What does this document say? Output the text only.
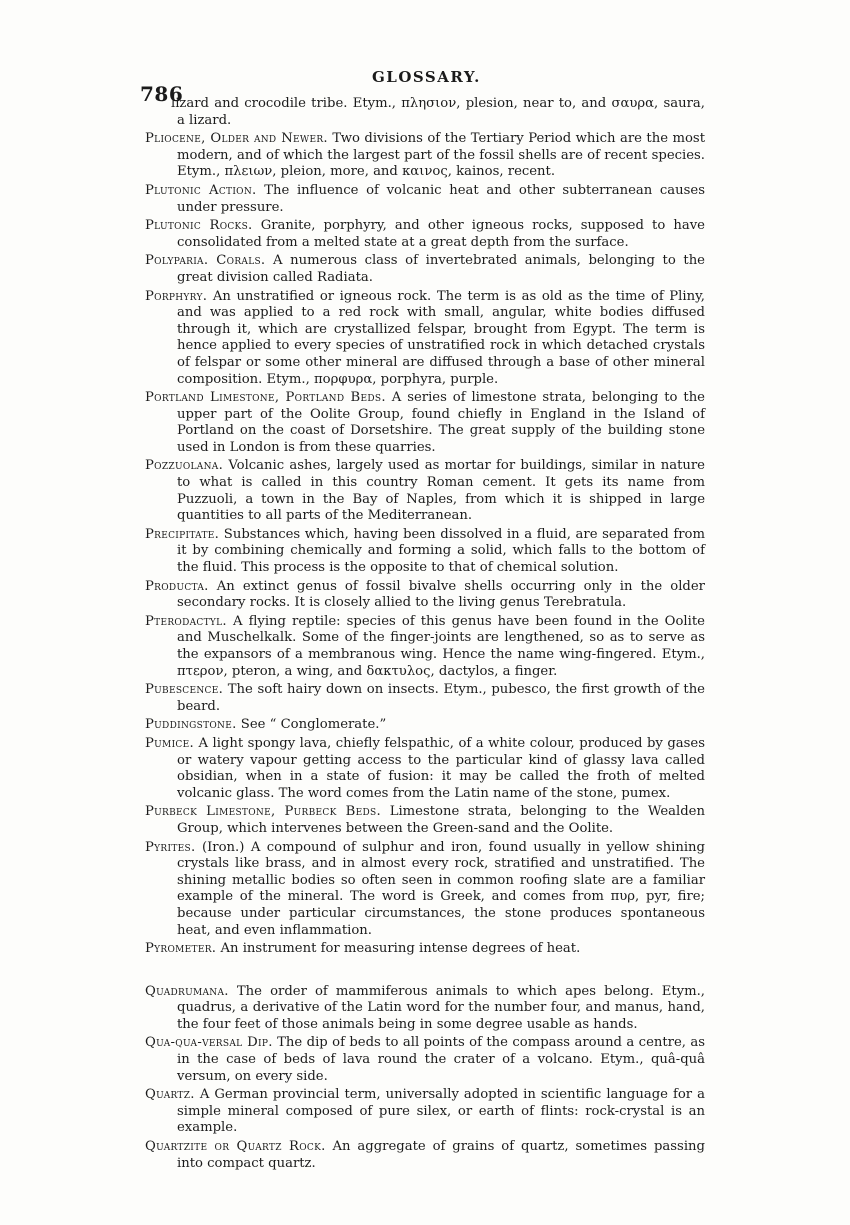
786
GLOSSARY.

lizard and crocodile tribe. Etym., πλησιον, plesion, near to, and σαυρα, saura, a lizard.

Pliocene, Older and Newer. Two divisions of the Tertiary Period which are the most modern, and of which the largest part of the fossil shells are of recent species. Etym., πλειων, pleion, more, and καινος, kainos, recent.

Plutonic Action. The influence of volcanic heat and other subterranean causes under pressure.

Plutonic Rocks. Granite, porphyry, and other igneous rocks, supposed to have consolidated from a melted state at a great depth from the surface.

Polyparia. Corals. A numerous class of invertebrated animals, belonging to the great division called Radiata.

Porphyry. An unstratified or igneous rock. The term is as old as the time of Pliny, and was applied to a red rock with small, angular, white bodies diffused through it, which are crystallized felspar, brought from Egypt. The term is hence applied to every species of unstratified rock in which detached crystals of felspar or some other mineral are diffused through a base of other mineral composition. Etym., πορφυρα, porphyra, purple.

Portland Limestone, Portland Beds. A series of limestone strata, belonging to the upper part of the Oolite Group, found chiefly in England in the Island of Portland on the coast of Dorsetshire. The great supply of the building stone used in London is from these quarries.

Pozzuolana. Volcanic ashes, largely used as mortar for buildings, similar in nature to what is called in this country Roman cement. It gets its name from Puzzuoli, a town in the Bay of Naples, from which it is shipped in large quantities to all parts of the Mediterranean.

Precipitate. Substances which, having been dissolved in a fluid, are separated from it by combining chemically and forming a solid, which falls to the bottom of the fluid. This process is the opposite to that of chemical solution.

Producta. An extinct genus of fossil bivalve shells occurring only in the older secondary rocks. It is closely allied to the living genus Terebratula.

Pterodactyl. A flying reptile: species of this genus have been found in the Oolite and Muschelkalk. Some of the finger-joints are lengthened, so as to serve as the expansors of a membranous wing. Hence the name wing-fingered. Etym., πτερον, pteron, a wing, and δακτυλος, dactylos, a finger.

Pubescence. The soft hairy down on insects. Etym., pubesco, the first growth of the beard.

Puddingstone. See “ Conglomerate.”

Pumice. A light spongy lava, chiefly felspathic, of a white colour, produced by gases or watery vapour getting access to the particular kind of glassy lava called obsidian, when in a state of fusion: it may be called the froth of melted volcanic glass. The word comes from the Latin name of the stone, pumex.

Purbeck Limestone, Purbeck Beds. Limestone strata, belonging to the Wealden Group, which intervenes between the Green-sand and the Oolite.

Pyrites. (Iron.) A compound of sulphur and iron, found usually in yellow shining crystals like brass, and in almost every rock, stratified and unstratified. The shining metallic bodies so often seen in common roofing slate are a familiar example of the mineral. The word is Greek, and comes from πυρ, pyr, fire; because under particular circumstances, the stone produces spontaneous heat, and even inflammation.

Pyrometer. An instrument for measuring intense degrees of heat.

Quadrumana. The order of mammiferous animals to which apes belong. Etym., quadrus, a derivative of the Latin word for the number four, and manus, hand, the four feet of those animals being in some degree usable as hands.

Qua-qua-versal Dip. The dip of beds to all points of the compass around a centre, as in the case of beds of lava round the crater of a volcano. Etym., quâ-quâ versum, on every side.

Quartz. A German provincial term, universally adopted in scientific language for a simple mineral composed of pure silex, or earth of flints: rock-crystal is an example.

Quartzite or Quartz Rock. An aggregate of grains of quartz, sometimes passing into compact quartz.
